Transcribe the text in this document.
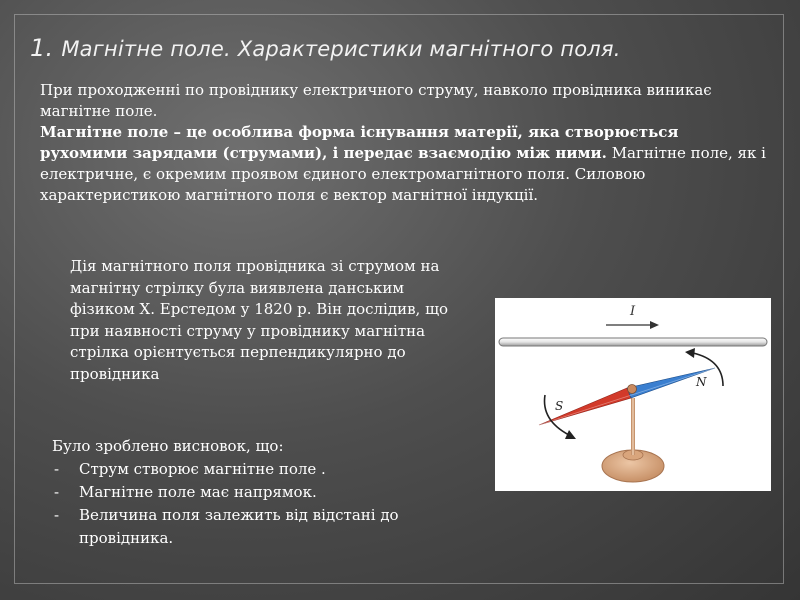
1. Магнітне поле. Характеристики магнітного поля.
При проходженні по провіднику електричного струму, навколо провідника виникає магнітне поле.
Магнітне поле – це особлива форма існування матерії, яка створюється рухомими зарядами (струмами), і передає взаємодію між ними. Магнітне поле, як і електричне, є окремим проявом єдиного електромагнітного поля. Силовою характеристикою магнітного поля є вектор магнітної індукції.
Дія магнітного поля провідника зі струмом на магнітну стрілку була виявлена данським фізиком Х. Ерстедом у 1820 р. Він дослідив, що при наявності струму у провіднику магнітна стрілка орієнтується перпендикулярно до провідника
Було зроблено висновок, що:
- Струм створює магнітне поле .
- Магнітне поле має напрямок.
- Величина поля залежить від відстані до провідника.
I
N
S
